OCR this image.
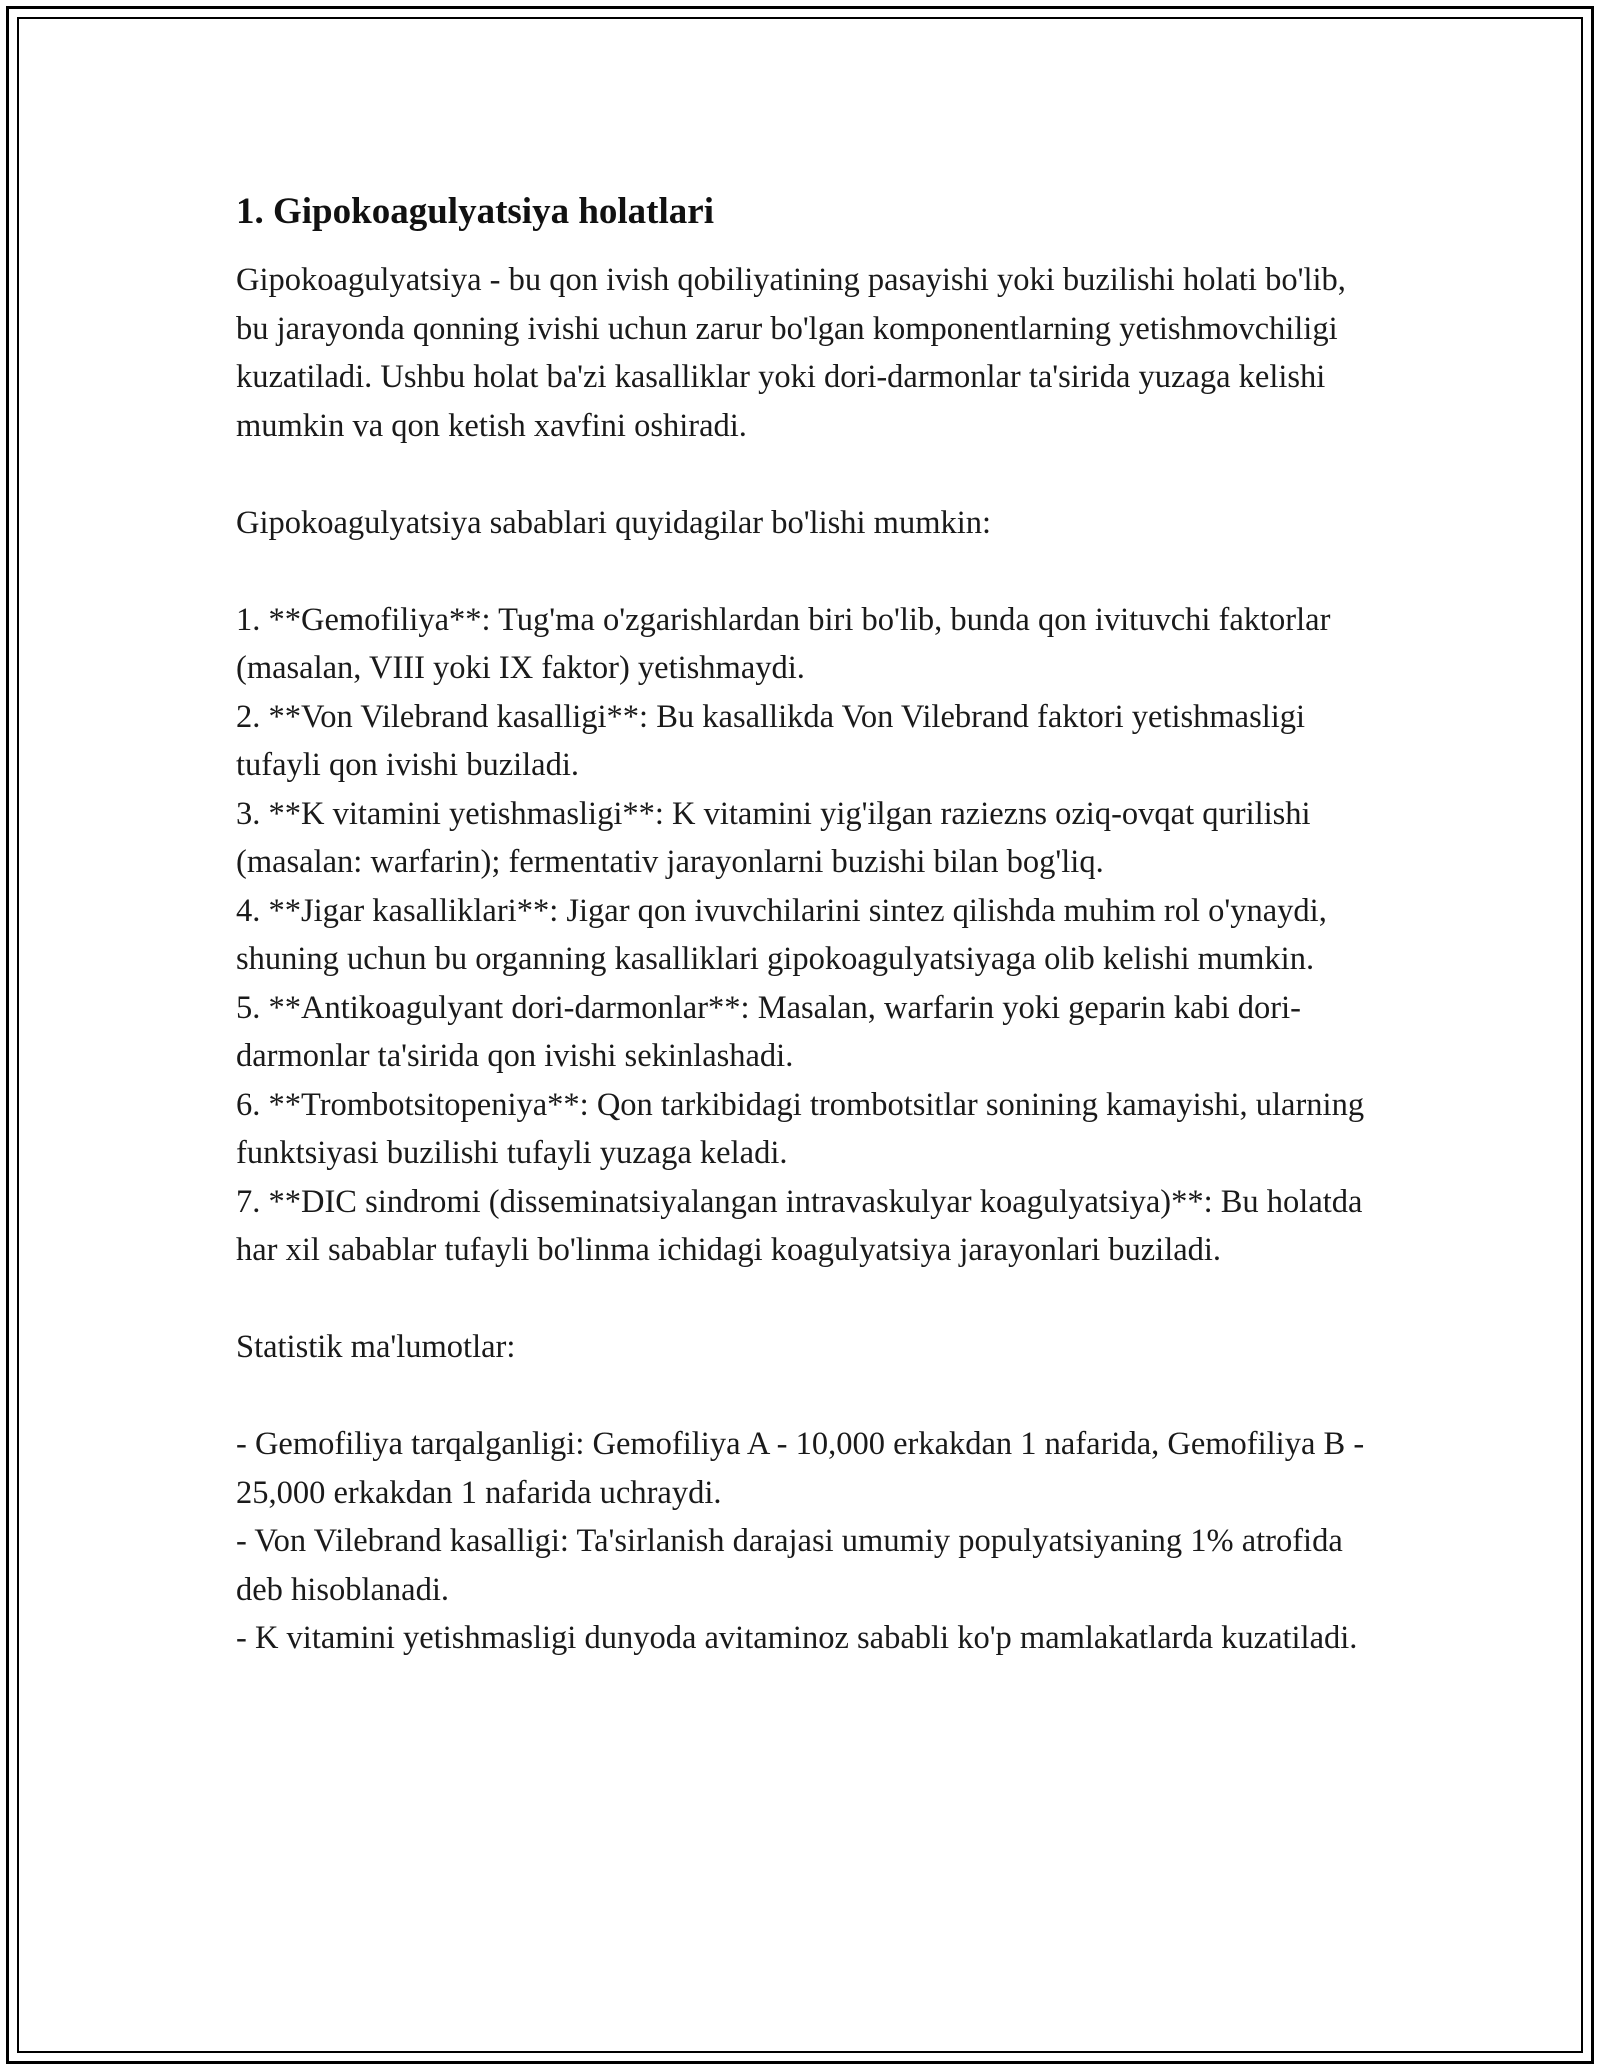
1. Gipokoagulyatsiya holatlari

Gipokoagulyatsiya - bu qon ivish qobiliyatining pasayishi yoki buzilishi holati bo'lib, bu jarayonda qonning ivishi uchun zarur bo'lgan komponentlarning yetishmovchiligi kuzatiladi. Ushbu holat ba'zi kasalliklar yoki dori-darmonlar ta'sirida yuzaga kelishi mumkin va qon ketish xavfini oshiradi.

Gipokoagulyatsiya sabablari quyidagilar bo'lishi mumkin:

1. **Gemofiliya**: Tug'ma o'zgarishlardan biri bo'lib, bunda qon ivituvchi faktorlar (masalan, VIII yoki IX faktor) yetishmaydi.

2. **Von Vilebrand kasalligi**: Bu kasallikda Von Vilebrand faktori yetishmasligi tufayli qon ivishi buziladi.

3. **K vitamini yetishmasligi**: K vitamini yig'ilgan raziezns oziq-ovqat qurilishi (masalan: warfarin); fermentativ jarayonlarni buzishi bilan bog'liq.

4. **Jigar kasalliklari**: Jigar qon ivuvchilarini sintez qilishda muhim rol o'ynaydi, shuning uchun bu organning kasalliklari gipokoagulyatsiyaga olib kelishi mumkin.

5. **Antikoagulyant dori-darmonlar**: Masalan, warfarin yoki geparin kabi dori-darmonlar ta'sirida qon ivishi sekinlashadi.

6. **Trombotsitopeniya**: Qon tarkibidagi trombotsitlar sonining kamayishi, ularning funktsiyasi buzilishi tufayli yuzaga keladi.

7. **DIC sindromi (disseminatsiyalangan intravaskulyar koagulyatsiya)**: Bu holatda har xil sabablar tufayli bo'linma ichidagi koagulyatsiya jarayonlari buziladi.

Statistik ma'lumotlar:

- Gemofiliya tarqalganligi: Gemofiliya A - 10,000 erkakdan 1 nafarida, Gemofiliya B - 25,000 erkakdan 1 nafarida uchraydi.

- Von Vilebrand kasalligi: Ta'sirlanish darajasi umumiy populyatsiyaning 1% atrofida deb hisoblanadi.

- K vitamini yetishmasligi dunyoda avitaminoz sababli ko'p mamlakatlarda kuzatiladi.
